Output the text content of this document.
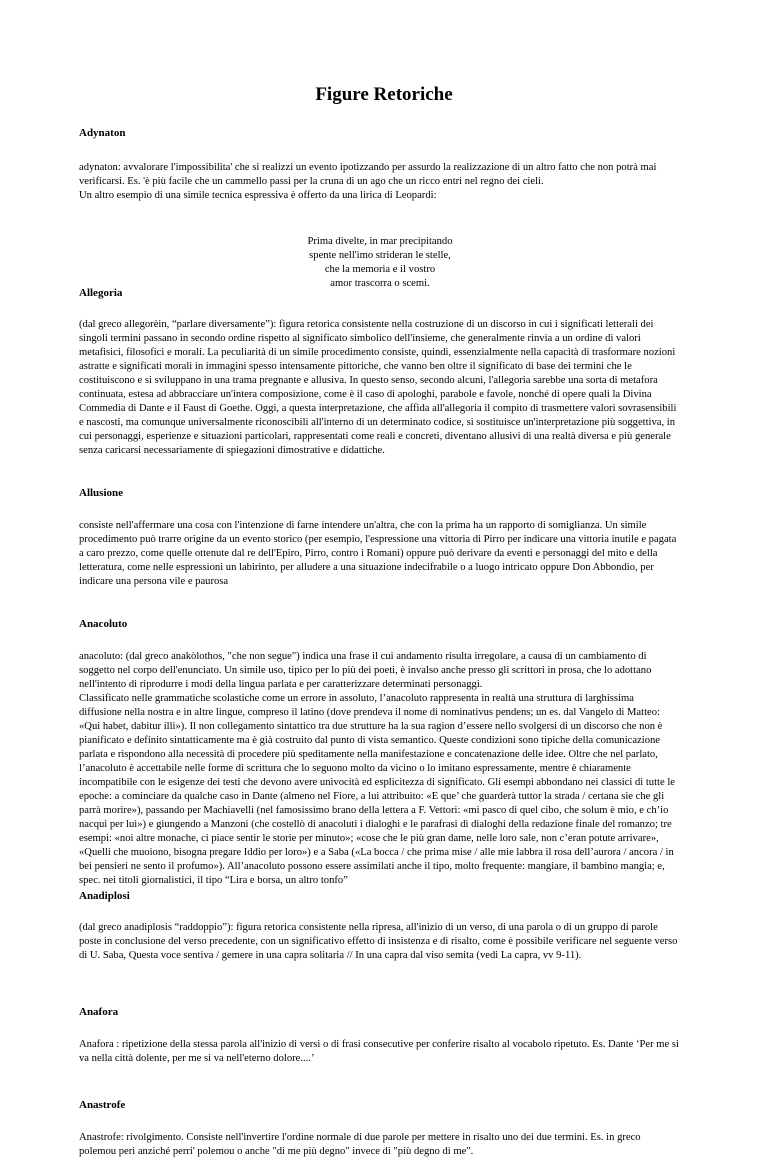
Figure Retoriche
Adynaton
adynaton: avvalorare l'impossibilita' che si realizzi un evento ipotizzando per assurdo la realizzazione di un altro fatto che non potrà mai
verificarsi. Es. 'è più facile che un cammello passi per la cruna di un ago che un ricco entri nel regno dei cieli.
Un altro esempio di una simile tecnica espressiva è offerto da una lirica di Leopardi:
Prima divelte, in mar precipitando
spente nell'imo strideran le stelle,
che la memoria e il vostro
amor trascorra o scemi.
Allegoria
(dal greco allegorèin, “parlare diversamente”): figura retorica consistente nella costruzione di un discorso in cui i significati letterali dei
singoli termini passano in secondo ordine rispetto al significato simbolico dell'insieme, che generalmente rinvia a un ordine di valori
metafisici, filosofici e morali. La peculiarità di un simile procedimento consiste, quindi, essenzialmente nella capacità di trasformare nozioni
astratte e significati morali in immagini spesso intensamente pittoriche, che vanno ben oltre il significato di base dei termini che le
costituiscono e si sviluppano in una trama pregnante e allusiva. In questo senso, secondo alcuni, l'allegoria sarebbe una sorta di metafora
continuata, estesa ad abbracciare un'intera composizione, come è il caso di apologhi, parabole e favole, nonché di opere quali la Divina
Commedia di Dante e il Faust di Goethe. Oggi, a questa interpretazione, che affida all'allegoria il compito di trasmettere valori sovrasensibili
e nascosti, ma comunque universalmente riconoscibili all'interno di un determinato codice, si sostituisce un'interpretazione più soggettiva, in
cui personaggi, esperienze e situazioni particolari, rappresentati come reali e concreti, diventano allusivi di una realtà diversa e più generale
senza caricarsi necessariamente di spiegazioni dimostrative e didattiche.
Allusione
consiste nell'affermare una cosa con l'intenzione di farne intendere un'altra, che con la prima ha un rapporto di somiglianza. Un simile
procedimento può trarre origine da un evento storico (per esempio, l'espressione una vittoria di Pirro per indicare una vittoria inutile e pagata
a caro prezzo, come quelle ottenute dal re dell'Epiro, Pirro, contro i Romani) oppure può derivare da eventi e personaggi del mito e della
letteratura, come nelle espressioni un labirinto, per alludere a una situazione indecifrabile o a luogo intricato oppure Don Abbondio, per
indicare una persona vile e paurosa
Anacoluto
anacoluto: (dal greco anakòlothos, "che non segue") indica una frase il cui andamento risulta irregolare, a causa di un cambiamento di
soggetto nel corpo dell'enunciato. Un simile uso, tipico per lo più dei poeti, è invalso anche presso gli scrittori in prosa, che lo adottano
nell'intento di riprodurre i modi della lingua parlata e per caratterizzare determinati personaggi.
Classificato nelle grammatiche scolastiche come un errore in assoluto, l’anacoluto rappresenta in realtà una struttura di larghissima
diffusione nella nostra e in altre lingue, compreso il latino (dove prendeva il nome di nominativus pendens; un es. dal Vangelo di Matteo:
«Qui habet, dabitur illi»). Il non collegamento sintattico tra due strutture ha la sua ragion d’essere nello svolgersi di un discorso che non è
pianificato e definito sintatticamente ma è già costruito dal punto di vista semantico. Queste condizioni sono tipiche della comunicazione
parlata e rispondono alla necessità di procedere più speditamente nella manifestazione e concatenazione delle idee. Oltre che nel parlato,
l’anacoluto è accettabile nelle forme di scrittura che lo seguono molto da vicino o lo imitano espressamente, mentre è chiaramente
incompatibile con le esigenze dei testi che devono avere univocità ed esplicitezza di significato. Gli esempi abbondano nei classici di tutte le
epoche: a cominciare da qualche caso in Dante (almeno nel Fiore, a lui attribuito: «E que’ che guarderà tuttor la strada / certana sie che gli
parrà morire»), passando per Machiavelli (nel famosissimo brano della lettera a F. Vettori: «mi pasco di quel cibo, che solum è mio, e ch’io
nacqui per lui») e giungendo a Manzoni (che costellò di anacoluti i dialoghi e le parafrasi di dialoghi della redazione finale del romanzo; tre
esempi: «noi altre monache, ci piace sentir le storie per minuto»; «cose che le più gran dame, nelle loro sale, non c’eran potute arrivare»,
«Quelli che muoiono, bisogna pregare Iddio per loro») e a Saba («La bocca / che prima mise / alle mie labbra il rosa dell’aurora / ancora / in
bei pensieri ne sento il profumo»). All’anacoluto possono essere assimilati anche il tipo, molto frequente: mangiare, il bambino mangia; e,
spec. nei titoli giornalistici, il tipo “Lira e borsa, un altro tonfo”
Anadiplosi
(dal greco anadiplosis “raddoppio”): figura retorica consistente nella ripresa, all'inizio di un verso, di una parola o di un gruppo di parole
poste in conclusione del verso precedente, con un significativo effetto di insistenza e di risalto, come è possibile verificare nel seguente verso
di U. Saba, Questa voce sentiva / gemere in una capra solitaria // In una capra dal viso semita (vedi La capra, vv 9-11).
Anafora
Anafora : ripetizione della stessa parola all'inizio di versi o di frasi consecutive per conferire risalto al vocabolo ripetuto. Es. Dante ‘Per me si
va nella città dolente, per me si va nell'eterno dolore....’
Anastrofe
Anastrofe: rivolgimento. Consiste nell'invertire l'ordine normale di due parole per mettere in risalto uno dei due termini. Es. in greco
polemou peri anziché perri' polemou o anche "di me più degno" invece di "più degno di me".
